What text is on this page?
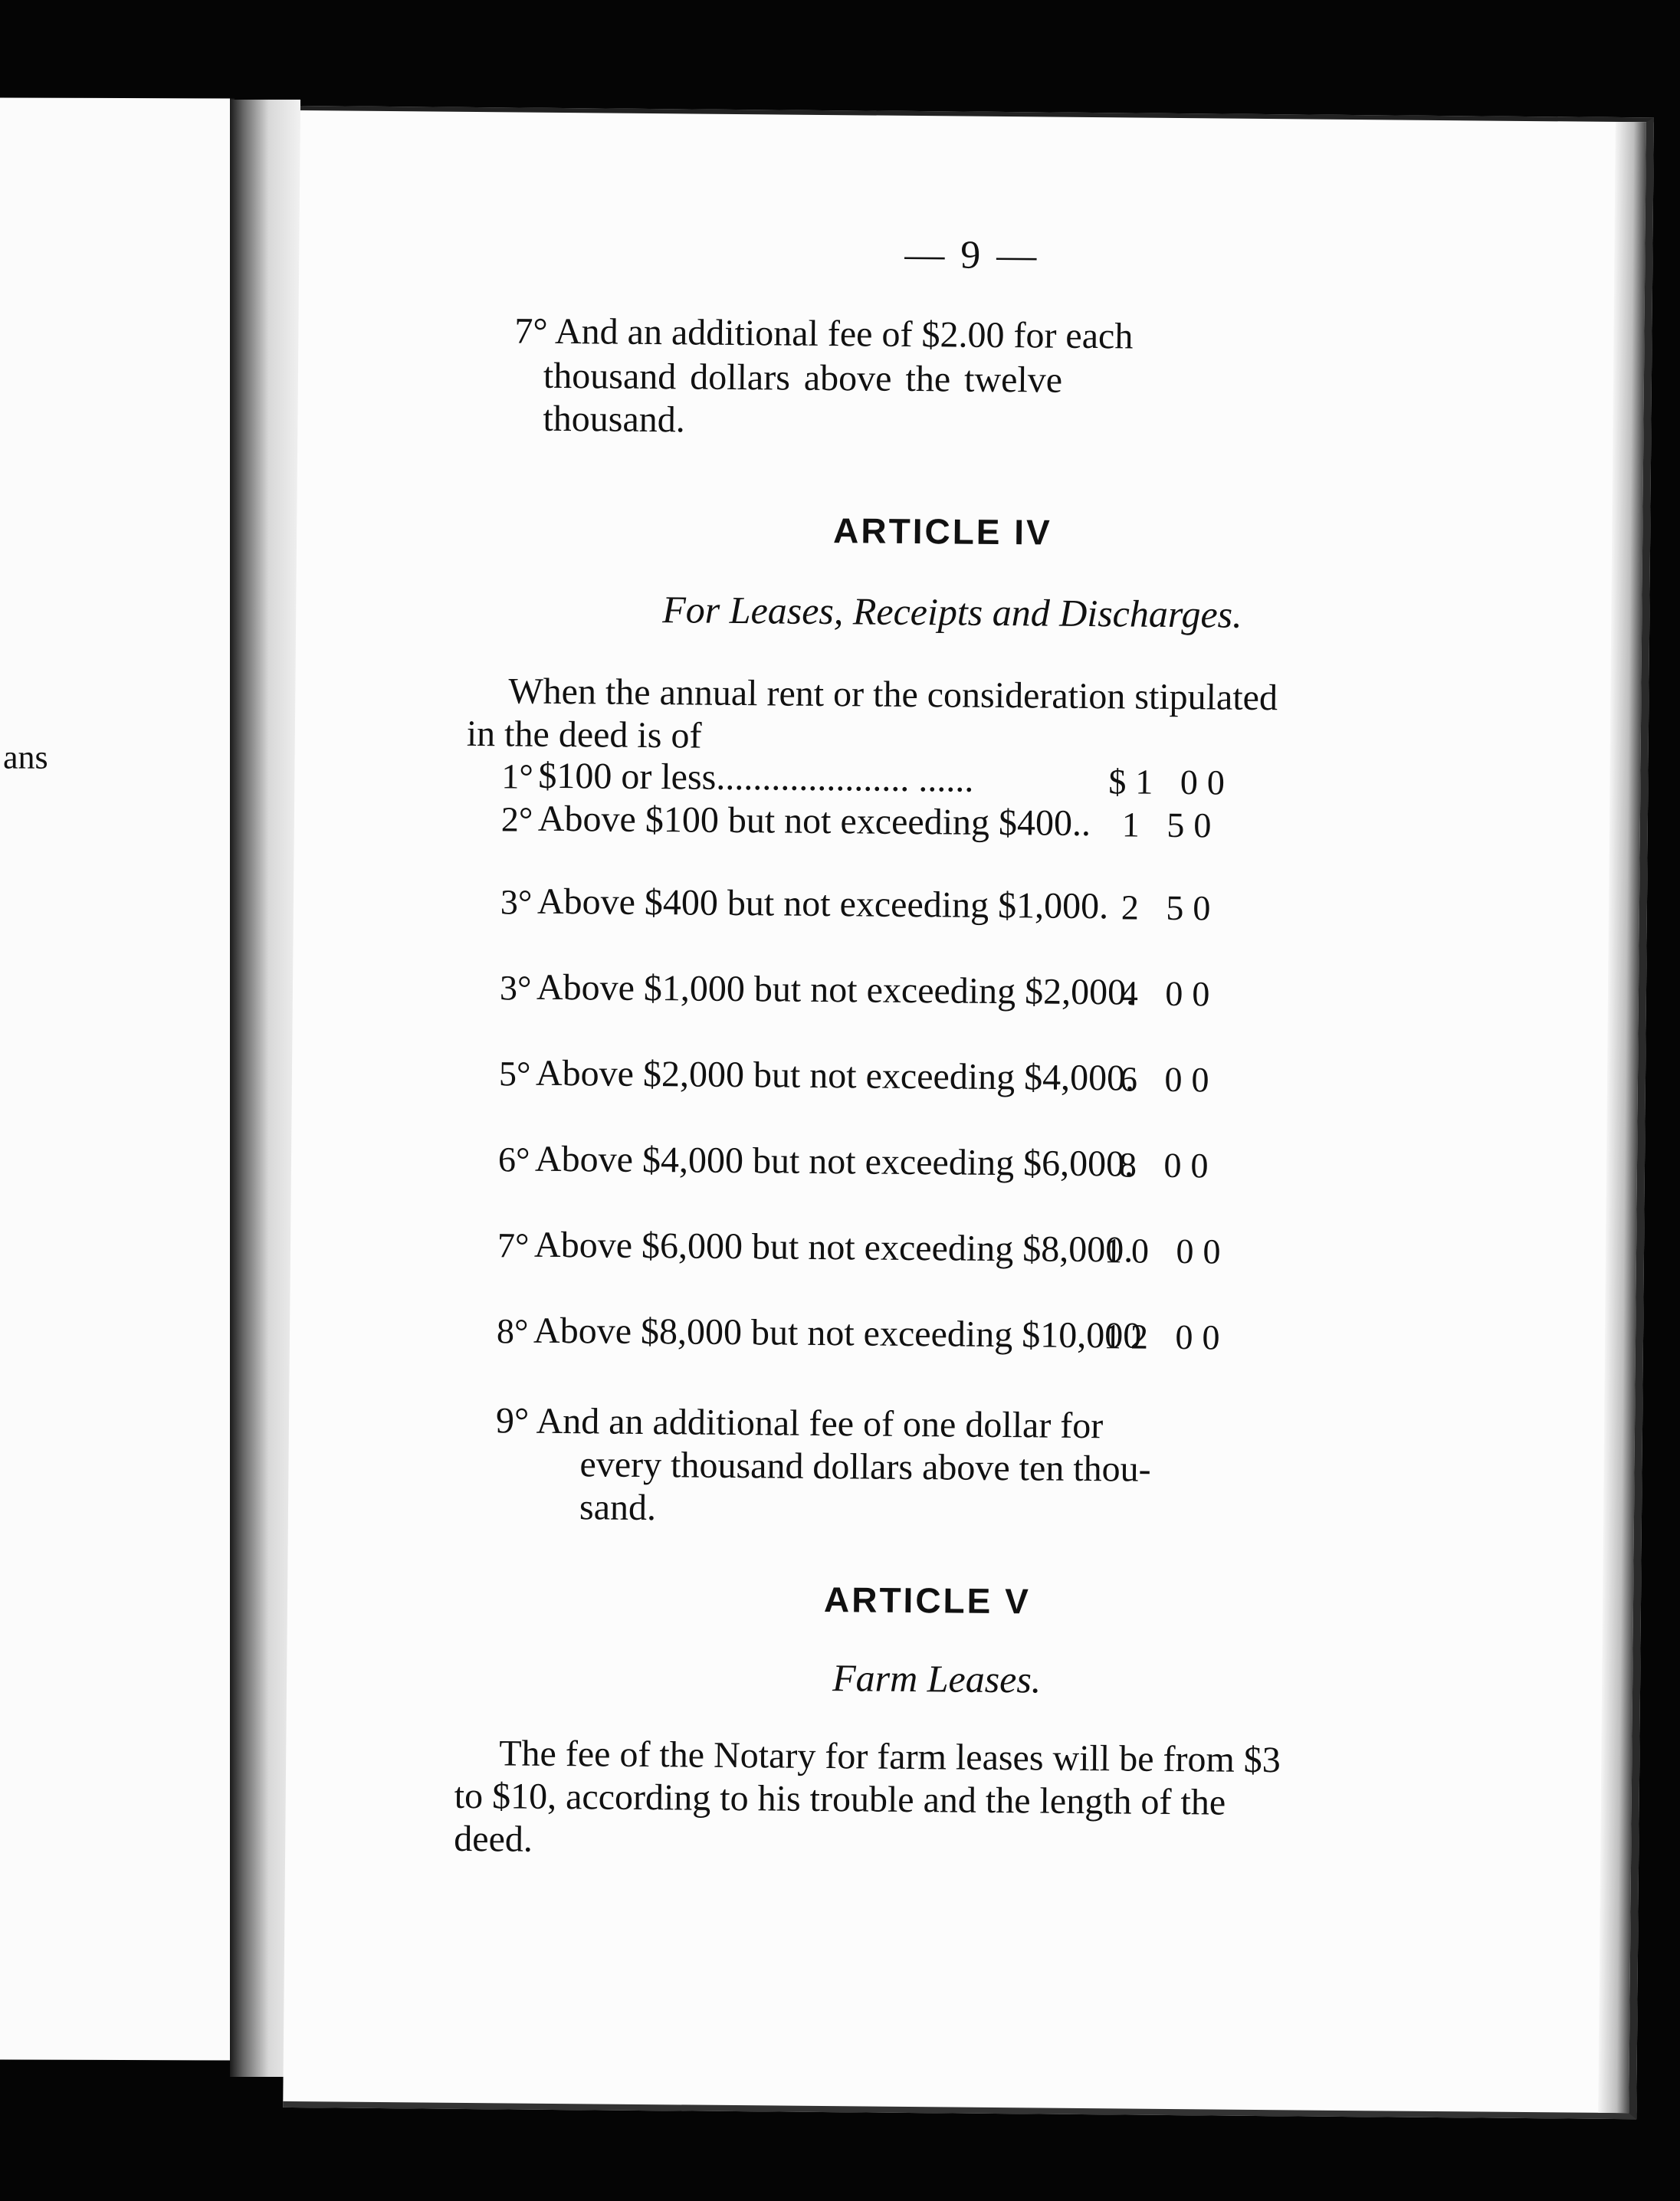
ans
— 9 —
7° And an additional fee of $2.00 for each
thousand dollars above the twelve
thousand.
ARTICLE IV
For Leases, Receipts and Discharges.
When the annual rent or the consideration stipulated
in the deed is of
1° $100 or less..................... ......	$1 00
2° Above $100 but not exceeding $400.. 1 50
3° Above $400 but not exceeding $1,000. 2 50
3° Above $1,000 but not exceeding $2,000.
4 00
5° Above $2,000 but not exceeding $4,000.
6 00
6° Above $4,000 but not exceeding $6,000.
8 00
7° Above $6,000 but not exceeding $8,000.
10 00
8° Above $8,000 but not exceeding $10,000
12 00
9° And an additional fee of one dollar for
every thousand dollars above ten thou-
sand.
ARTICLE V
Farm Leases.
The fee of the Notary for farm leases will be from $3
to $10, according to his trouble and the length of the
deed.
